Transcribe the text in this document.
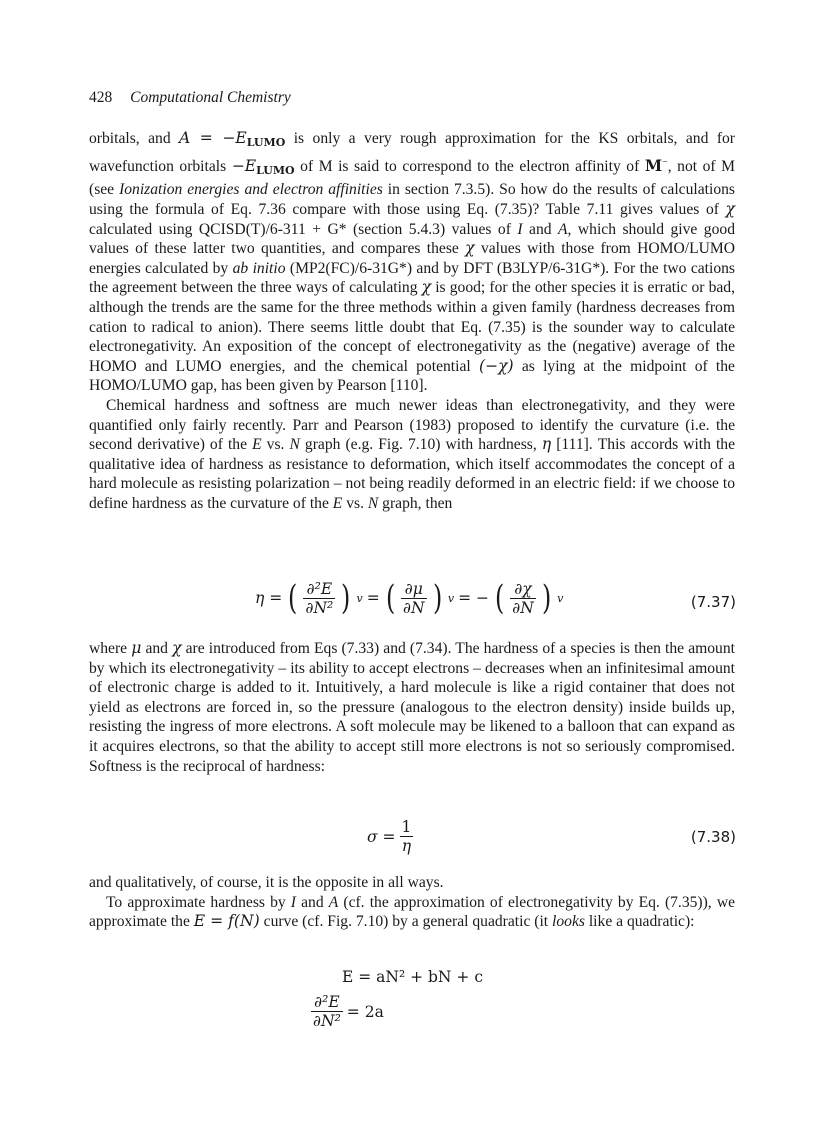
428 Computational Chemistry

orbitals, and $A = -E_{LUMO}$ is only a very rough approximation for the KS orbitals, and for wavefunction orbitals $-E_{LUMO}$ of M is said to correspond to the electron affinity of M−, not of M (see Ionization energies and electron affinities in section 7.3.5). So how do the results of calculations using the formula of Eq. 7.36 compare with those using Eq. (7.35)? Table 7.11 gives values of χ calculated using QCISD(T)/6-311 + G* (section 5.4.3) values of I and A, which should give good values of these latter two quantities, and compares these χ values with those from HOMO/LUMO energies calculated by ab initio (MP2(FC)/6-31G*) and by DFT (B3LYP/6-31G*). For the two cations the agreement between the three ways of calculating χ is good; for the other species it is erratic or bad, although the trends are the same for the three methods within a given family (hardness decreases from cation to radical to anion). There seems little doubt that Eq. (7.35) is the sounder way to calculate electronegativity. An exposition of the concept of electronegativity as the (negative) average of the HOMO and LUMO energies, and the chemical potential (−χ) as lying at the midpoint of the HOMO/LUMO gap, has been given by Pearson [110].

Chemical hardness and softness are much newer ideas than electronegativity, and they were quantified only fairly recently. Parr and Pearson (1983) proposed to identify the curvature (i.e. the second derivative) of the E vs. N graph (e.g. Fig. 7.10) with hardness, η [111]. This accords with the qualitative idea of hardness as resistance to deformation, which itself accommodates the concept of a hard molecule as resisting polarization – not being readily deformed in an electric field: if we choose to define hardness as the curvature of the E vs. N graph, then

η = ( $\frac{\text{∂²E}}{\text{∂N²}}$ ) v = ( $\frac{\partial\mu}{\partial N}$ ) v = − ( $\frac{\partial\chi}{\partial N}$ ) v	(7.37)

where μ and χ are introduced from Eqs (7.33) and (7.34). The hardness of a species is then the amount by which its electronegativity – its ability to accept electrons – decreases when an infinitesimal amount of electronic charge is added to it. Intuitively, a hard molecule is like a rigid container that does not yield as electrons are forced in, so the pressure (analogous to the electron density) inside builds up, resisting the ingress of more electrons. A soft molecule may be likened to a balloon that can expand as it acquires electrons, so that the ability to accept still more electrons is not so seriously compromised. Softness is the reciprocal of hardness:

$\sigma = \frac{1}{\eta}$	(7.38)

and qualitatively, of course, it is the opposite in all ways.

To approximate hardness by I and A (cf. the approximation of electronegativity by Eq. (7.35)), we approximate the E = f(N) curve (cf. Fig. 7.10) by a general quadratic (it looks like a quadratic):

E = aN² + bN + c
$\frac{\text{∂²E}}{\text{∂N²}} = 2a$
